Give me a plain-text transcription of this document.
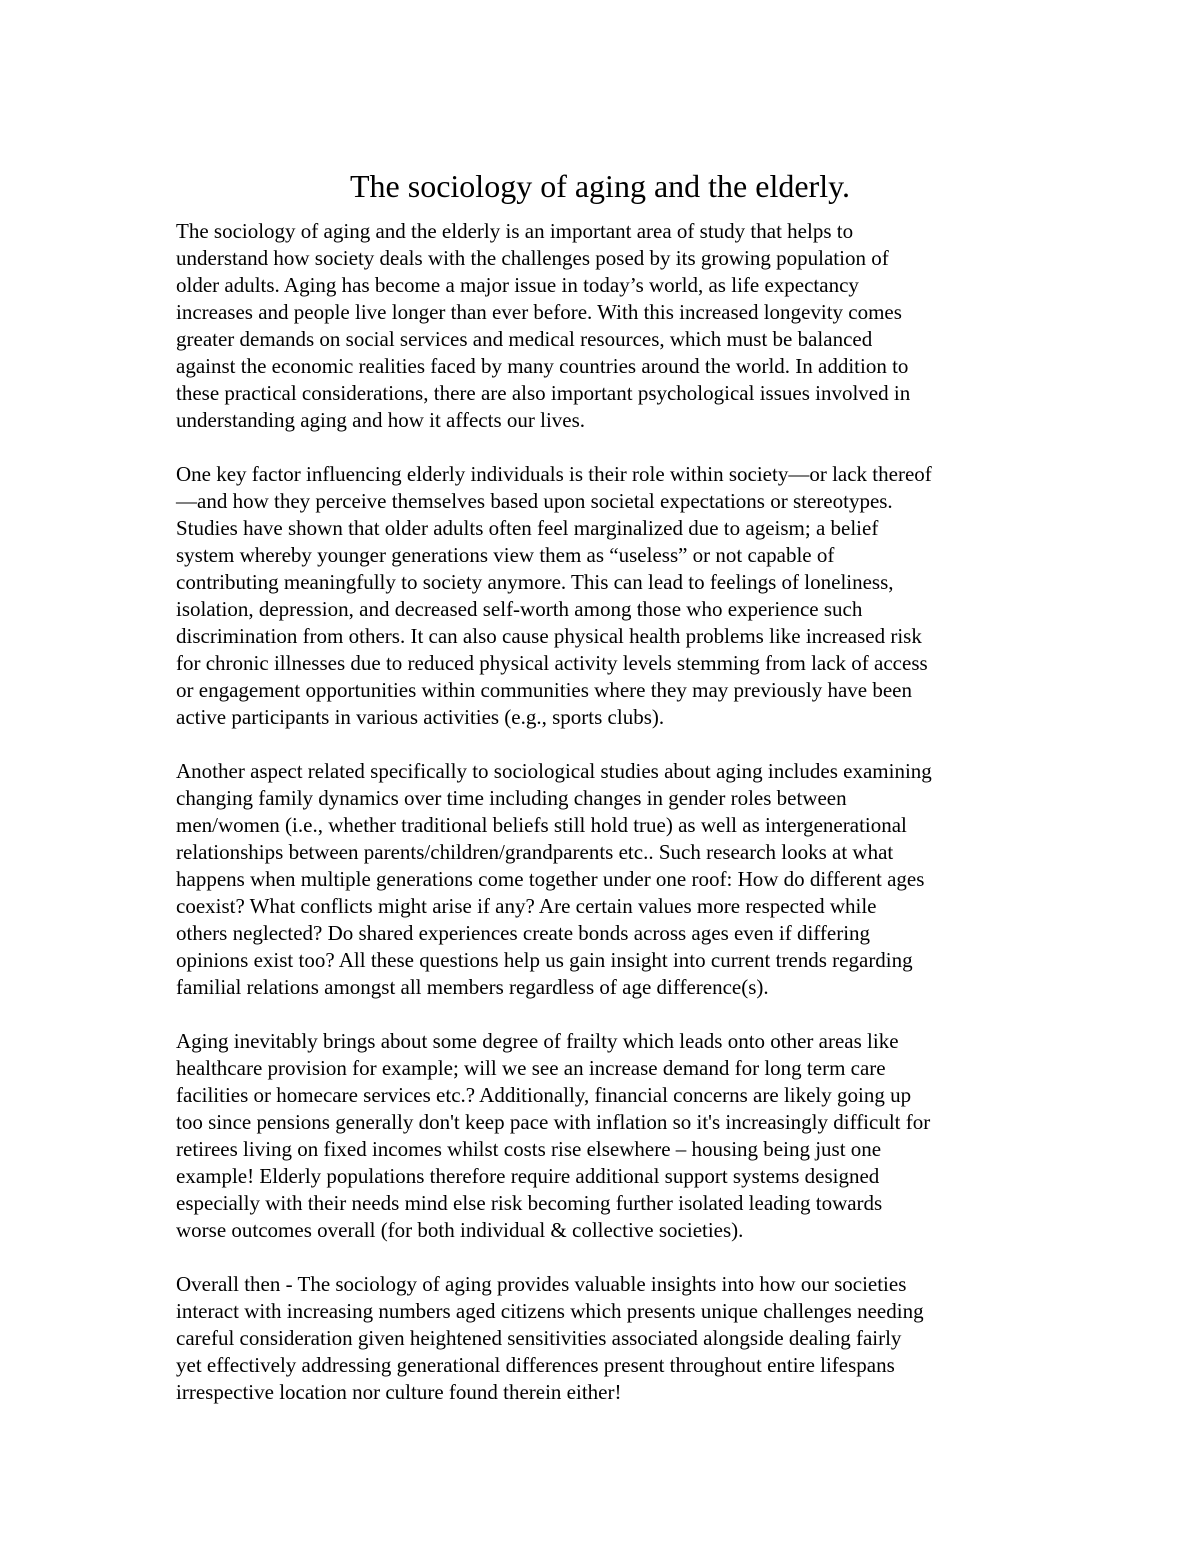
The sociology of aging and the elderly.

The sociology of aging and the elderly is an important area of study that helps to
understand how society deals with the challenges posed by its growing population of
older adults. Aging has become a major issue in today’s world, as life expectancy
increases and people live longer than ever before. With this increased longevity comes
greater demands on social services and medical resources, which must be balanced
against the economic realities faced by many countries around the world. In addition to
these practical considerations, there are also important psychological issues involved in
understanding aging and how it affects our lives.

One key factor influencing elderly individuals is their role within society—or lack thereof
—and how they perceive themselves based upon societal expectations or stereotypes.
Studies have shown that older adults often feel marginalized due to ageism; a belief
system whereby younger generations view them as “useless” or not capable of
contributing meaningfully to society anymore. This can lead to feelings of loneliness,
isolation, depression, and decreased self-worth among those who experience such
discrimination from others. It can also cause physical health problems like increased risk
for chronic illnesses due to reduced physical activity levels stemming from lack of access
or engagement opportunities within communities where they may previously have been
active participants in various activities (e.g., sports clubs).

Another aspect related specifically to sociological studies about aging includes examining
changing family dynamics over time including changes in gender roles between
men/women (i.e., whether traditional beliefs still hold true) as well as intergenerational
relationships between parents/children/grandparents etc.. Such research looks at what
happens when multiple generations come together under one roof: How do different ages
coexist? What conflicts might arise if any? Are certain values more respected while
others neglected? Do shared experiences create bonds across ages even if differing
opinions exist too? All these questions help us gain insight into current trends regarding
familial relations amongst all members regardless of age difference(s).

Aging inevitably brings about some degree of frailty which leads onto other areas like
healthcare provision for example; will we see an increase demand for long term care
facilities or homecare services etc.? Additionally, financial concerns are likely going up
too since pensions generally don't keep pace with inflation so it's increasingly difficult for
retirees living on fixed incomes whilst costs rise elsewhere – housing being just one
example! Elderly populations therefore require additional support systems designed
especially with their needs mind else risk becoming further isolated leading towards
worse outcomes overall (for both individual & collective societies).

Overall then - The sociology of aging provides valuable insights into how our societies
interact with increasing numbers aged citizens which presents unique challenges needing
careful consideration given heightened sensitivities associated alongside dealing fairly
yet effectively addressing generational differences present throughout entire lifespans
irrespective location nor culture found therein either!
